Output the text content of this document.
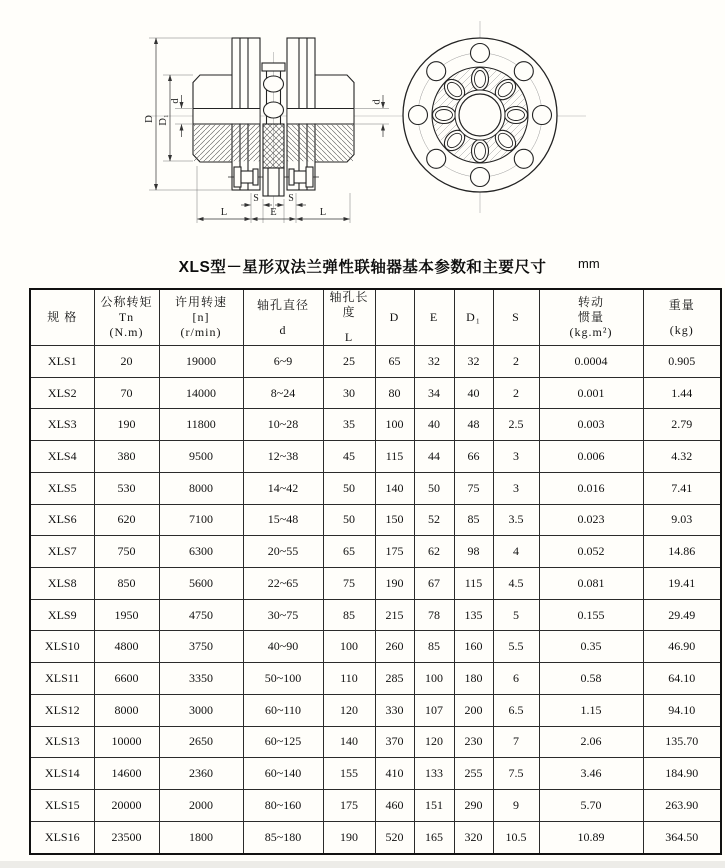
D D₁
d	d
S	S
L	E	L
XLS型－星形双法兰弹性联轴器基本参数和主要尺寸	mm
规 格

公称转矩
Tn
(N.m)

许用转速
[n]
(r/min)

轴孔直径
d

轴孔长度
L

D	E	D₁	S

转动
惯量
(kg.m²)

重量
(kg)

XLS1	20	19000	6~9	25	65	32	32	2	0.0004	0.905
XLS2	70	14000	8~24	30	80	34	40	2	0.001	1.44
XLS3	190	11800	10~28	35	100	40	48	2.5	0.003	2.79
XLS4	380	9500	12~38	45	115	44	66	3	0.006	4.32
XLS5	530	8000	14~42	50	140	50	75	3	0.016	7.41
XLS6	620	7100	15~48	50	150	52	85	3.5	0.023	9.03
XLS7	750	6300	20~55	65	175	62	98	4	0.052	14.86
XLS8	850	5600	22~65	75	190	67	115	4.5	0.081	19.41
XLS9	1950	4750	30~75	85	215	78	135	5	0.155	29.49
XLS10	4800	3750	40~90	100	260	85	160	5.5	0.35	46.90
XLS11	6600	3350	50~100	110	285	100	180	6	0.58	64.10
XLS12	8000	3000	60~110	120	330	107	200	6.5	1.15	94.10
XLS13	10000	2650	60~125	140	370	120	230	7	2.06	135.70
XLS14	14600	2360	60~140	155	410	133	255	7.5	3.46	184.90
XLS15	20000	2000	80~160	175	460	151	290	9	5.70	263.90
XLS16	23500	1800	85~180	190	520	165	320	10.5	10.89	364.50
